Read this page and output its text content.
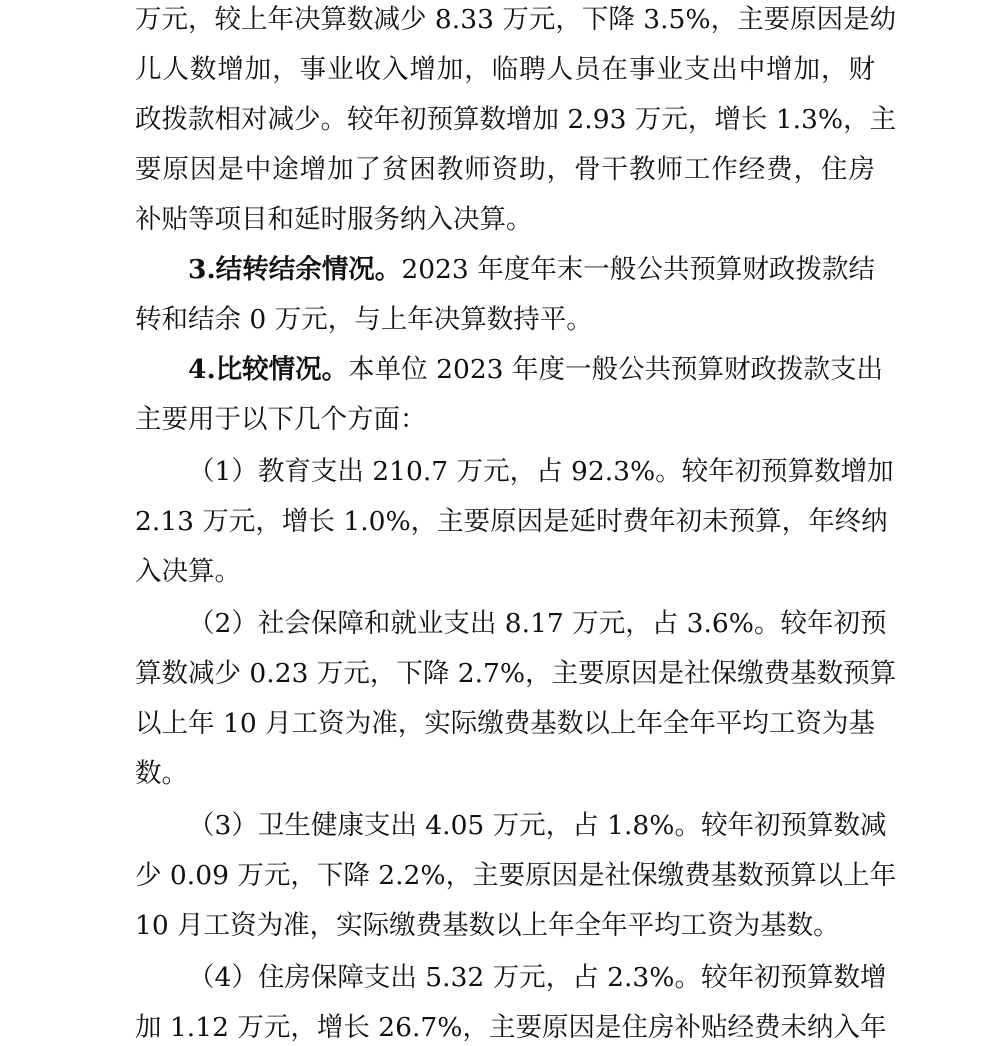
万元，较上年决算数减少 8.33 万元，下降 3.5%，主要原因是幼
儿人数增加，事业收入增加，临聘人员在事业支出中增加，财
政拨款相对减少。较年初预算数增加 2.93 万元，增长 1.3%，主
要原因是中途增加了贫困教师资助，骨干教师工作经费，住房
补贴等项目和延时服务纳入决算。
3.结转结余情况。2023 年度年末一般公共预算财政拨款结
转和结余 0 万元，与上年决算数持平。
4.比较情况。本单位 2023 年度一般公共预算财政拨款支出
主要用于以下几个方面：
（1）教育支出 210.7 万元，占 92.3%。较年初预算数增加
2.13 万元，增长 1.0%，主要原因是延时费年初未预算，年终纳
入决算。
（2）社会保障和就业支出 8.17 万元，占 3.6%。较年初预
算数减少 0.23 万元，下降 2.7%，主要原因是社保缴费基数预算
以上年 10 月工资为准，实际缴费基数以上年全年平均工资为基
数。
（3）卫生健康支出 4.05 万元，占 1.8%。较年初预算数减
少 0.09 万元，下降 2.2%，主要原因是社保缴费基数预算以上年
10 月工资为准，实际缴费基数以上年全年平均工资为基数。
（4）住房保障支出 5.32 万元，占 2.3%。较年初预算数增
加 1.12 万元，增长 26.7%，主要原因是住房补贴经费未纳入年
